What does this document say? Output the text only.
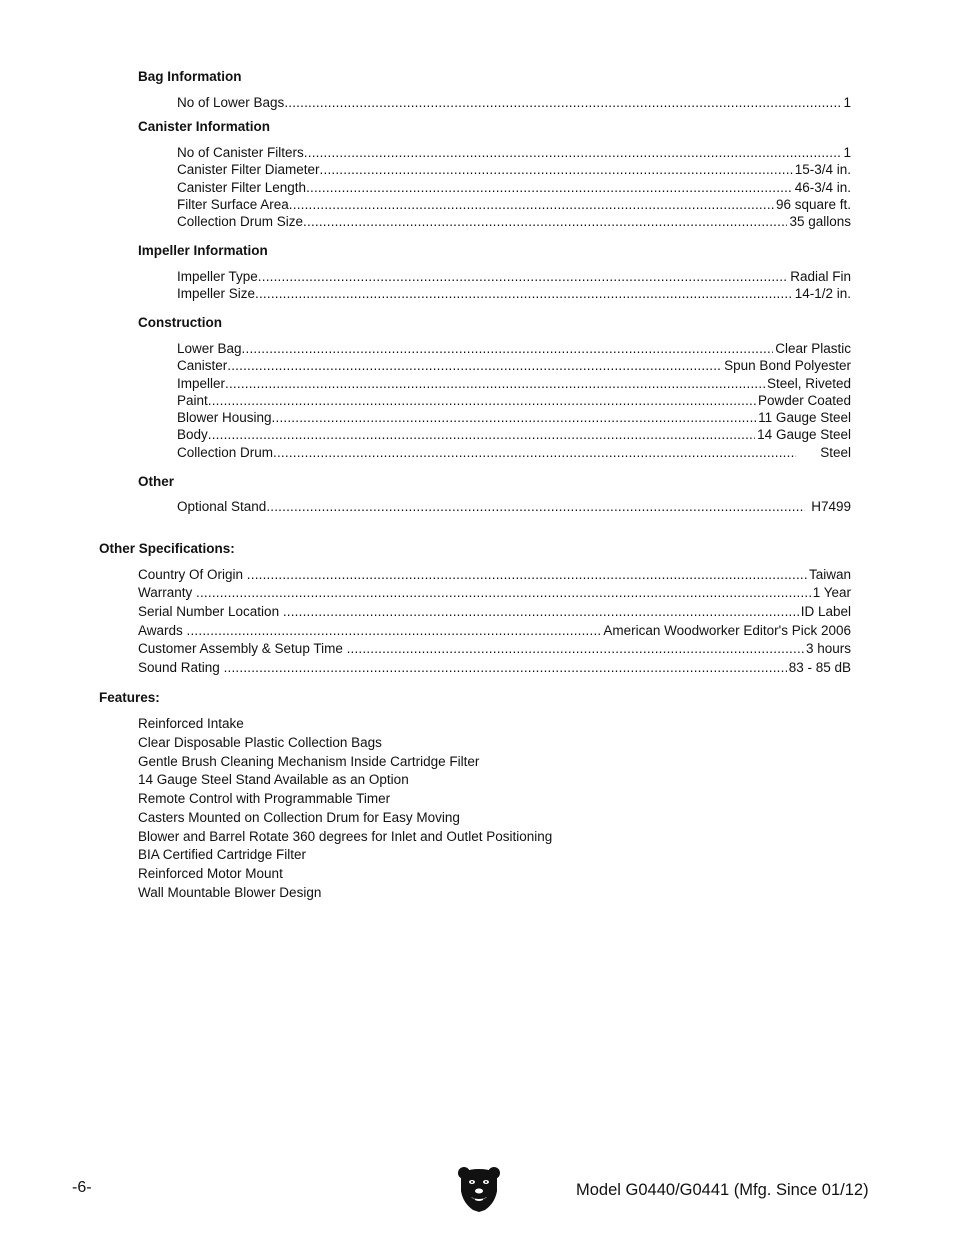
Bag Information
No of Lower Bags .....	1
Canister Information
No of Canister Filters .....	1
Canister Filter Diameter .....	15-3/4 in.
Canister Filter Length .....	46-3/4 in.
Filter Surface Area .....	96 square ft.
Collection Drum Size .....	35 gallons
Impeller Information
Impeller Type .....	Radial Fin
Impeller Size .....	14-1/2 in.
Construction
Lower Bag .....	Clear Plastic
Canister .....	Spun Bond Polyester
Impeller .....	Steel, Riveted
Paint .....	Powder Coated
Blower Housing .....	11 Gauge Steel
Body .....	14 Gauge Steel
Collection Drum .....	Steel
Other
Optional Stand .....	H7499
Other Specifications:
Country Of Origin .....	Taiwan
Warranty .....	1 Year
Serial Number Location .....	ID Label
Awards .....	American Woodworker Editor's Pick 2006
Customer Assembly & Setup Time .....	3 hours
Sound Rating .....	83 - 85 dB
Features:
Reinforced Intake
Clear Disposable Plastic Collection Bags
Gentle Brush Cleaning Mechanism Inside Cartridge Filter
14 Gauge Steel Stand Available as an Option
Remote Control with Programmable Timer
Casters Mounted on Collection Drum for Easy Moving
Blower and Barrel Rotate 360 degrees for Inlet and Outlet Positioning
BIA Certified Cartridge Filter
Reinforced Motor Mount
Wall Mountable Blower Design
-6-	Model G0440/G0441 (Mfg. Since 01/12)
